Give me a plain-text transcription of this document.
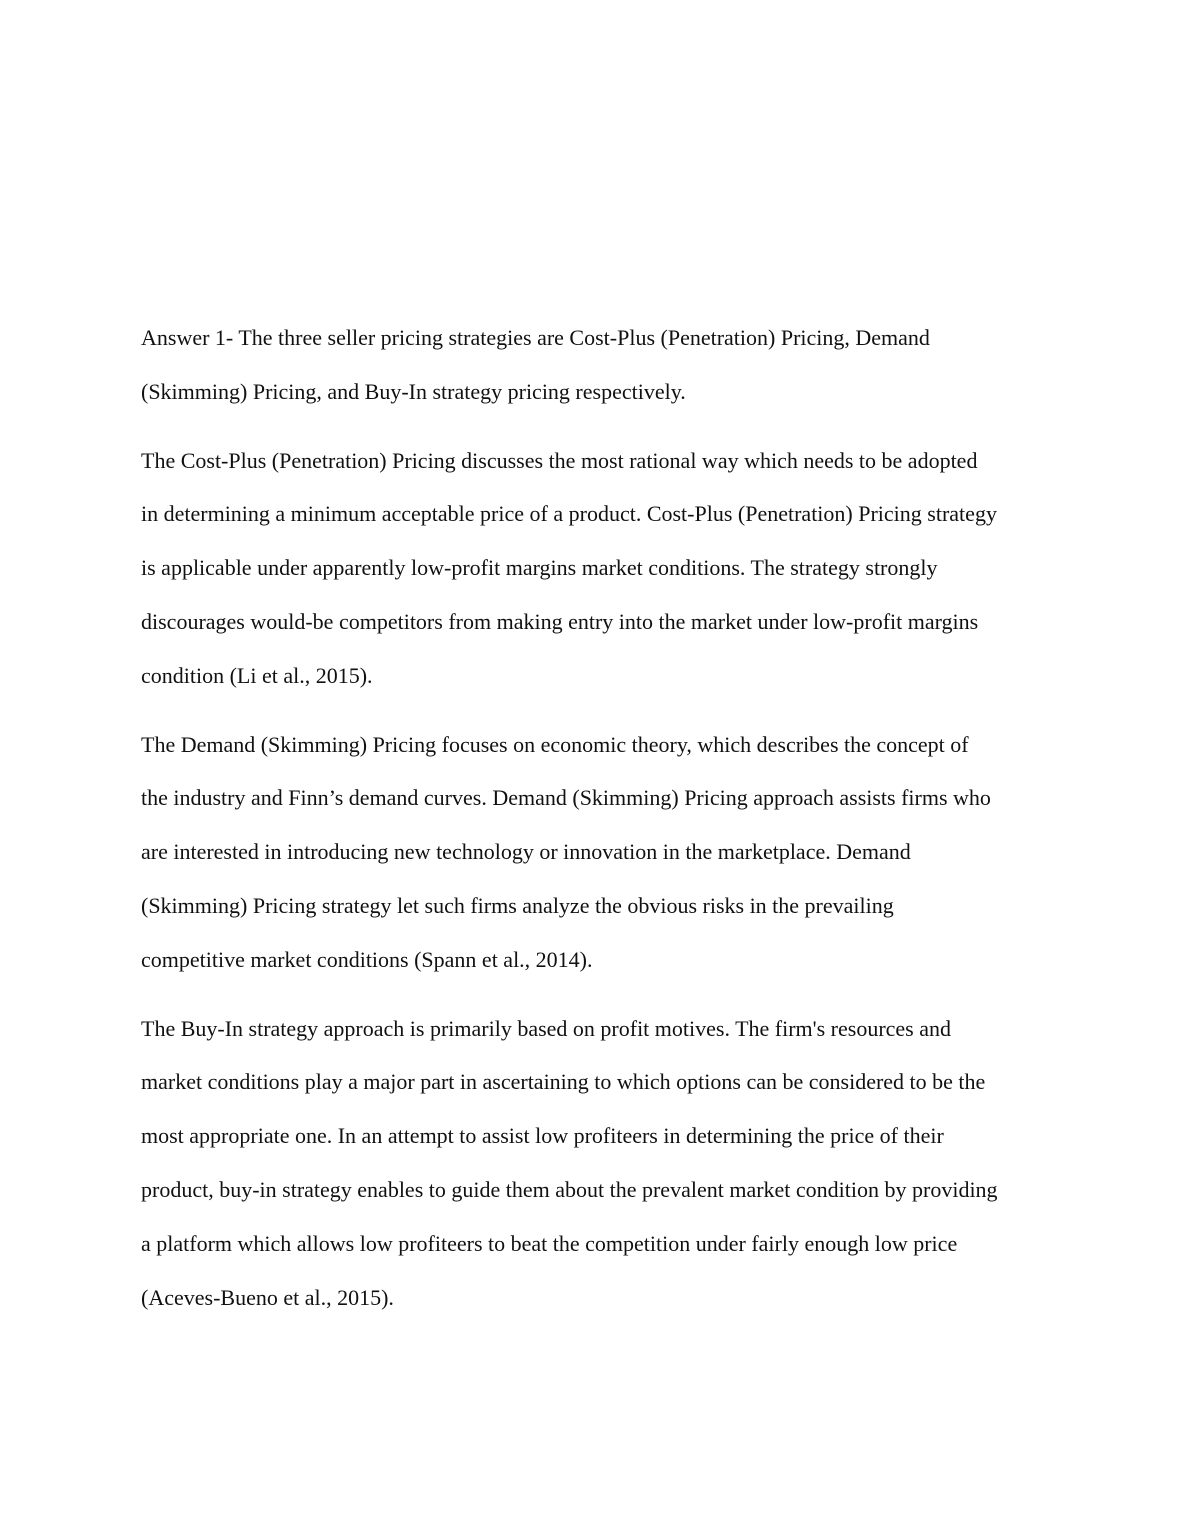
Answer 1- The three seller pricing strategies are Cost-Plus (Penetration) Pricing, Demand
(Skimming) Pricing, and Buy-In strategy pricing respectively.

The Cost-Plus (Penetration) Pricing discusses the most rational way which needs to be adopted
in determining a minimum acceptable price of a product. Cost-Plus (Penetration) Pricing strategy
is applicable under apparently low-profit margins market conditions. The strategy strongly
discourages would-be competitors from making entry into the market under low-profit margins
condition (Li et al., 2015).

The Demand (Skimming) Pricing focuses on economic theory, which describes the concept of
the industry and Finn’s demand curves. Demand (Skimming) Pricing approach assists firms who
are interested in introducing new technology or innovation in the marketplace. Demand
(Skimming) Pricing strategy let such firms analyze the obvious risks in the prevailing
competitive market conditions (Spann et al., 2014).

The Buy-In strategy approach is primarily based on profit motives. The firm's resources and
market conditions play a major part in ascertaining to which options can be considered to be the
most appropriate one. In an attempt to assist low profiteers in determining the price of their
product, buy-in strategy enables to guide them about the prevalent market condition by providing
a platform which allows low profiteers to beat the competition under fairly enough low price
(Aceves-Bueno et al., 2015).
